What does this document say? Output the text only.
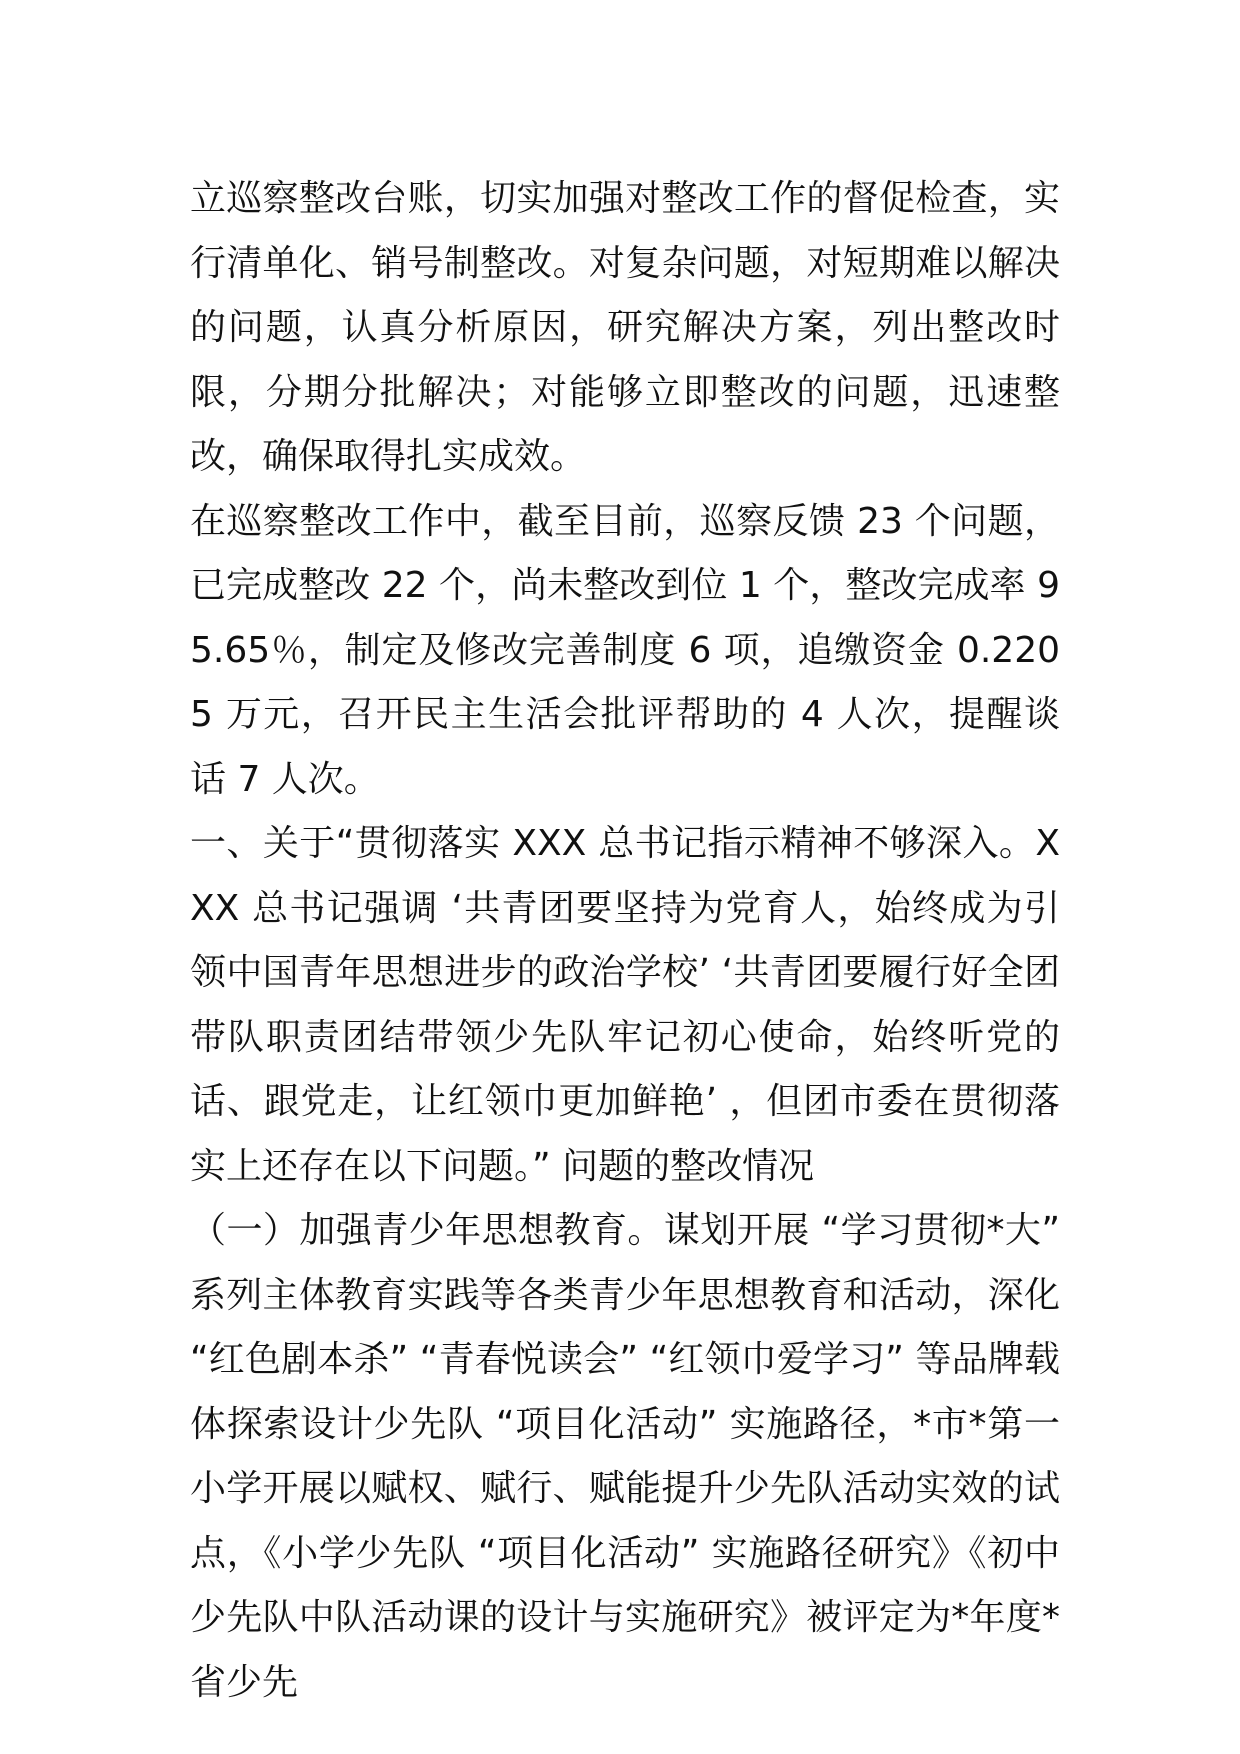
立巡察整改台账，切实加强对整改工作的督促检查，实行清单化、销号制整改。对复杂问题，对短期难以解决的问题，认真分析原因，研究解决方案，列出整改时限，分期分批解决；对能够立即整改的问题，迅速整改，确保取得扎实成效。

在巡察整改工作中，截至目前，巡察反馈 23 个问题，已完成整改 22 个，尚未整改到位 1 个，整改完成率 95.65％，制定及修改完善制度 6 项，追缴资金 0.2205 万元，召开民主生活会批评帮助的 4 人次，提醒谈话 7 人次。

一、关于“贯彻落实 XXX 总书记指示精神不够深入。XXX 总书记强调 ‘共青团要坚持为党育人，始终成为引领中国青年思想进步的政治学校’ ‘共青团要履行好全团带队职责团结带领少先队牢记初心使命，始终听党的话、跟党走，让红领巾更加鲜艳’ ，但团市委在贯彻落实上还存在以下问题。” 问题的整改情况

（一）加强青少年思想教育。谋划开展 “学习贯彻*大” 系列主体教育实践等各类青少年思想教育和活动，深化 “红色剧本杀” “青春悦读会” “红领巾爱学习” 等品牌载体探索设计少先队 “项目化活动” 实施路径，*市*第一小学开展以赋权、赋行、赋能提升少先队活动实效的试点，《小学少先队 “项目化活动” 实施路径研究》《初中少先队中队活动课的设计与实施研究》被评定为*年度*省少先
